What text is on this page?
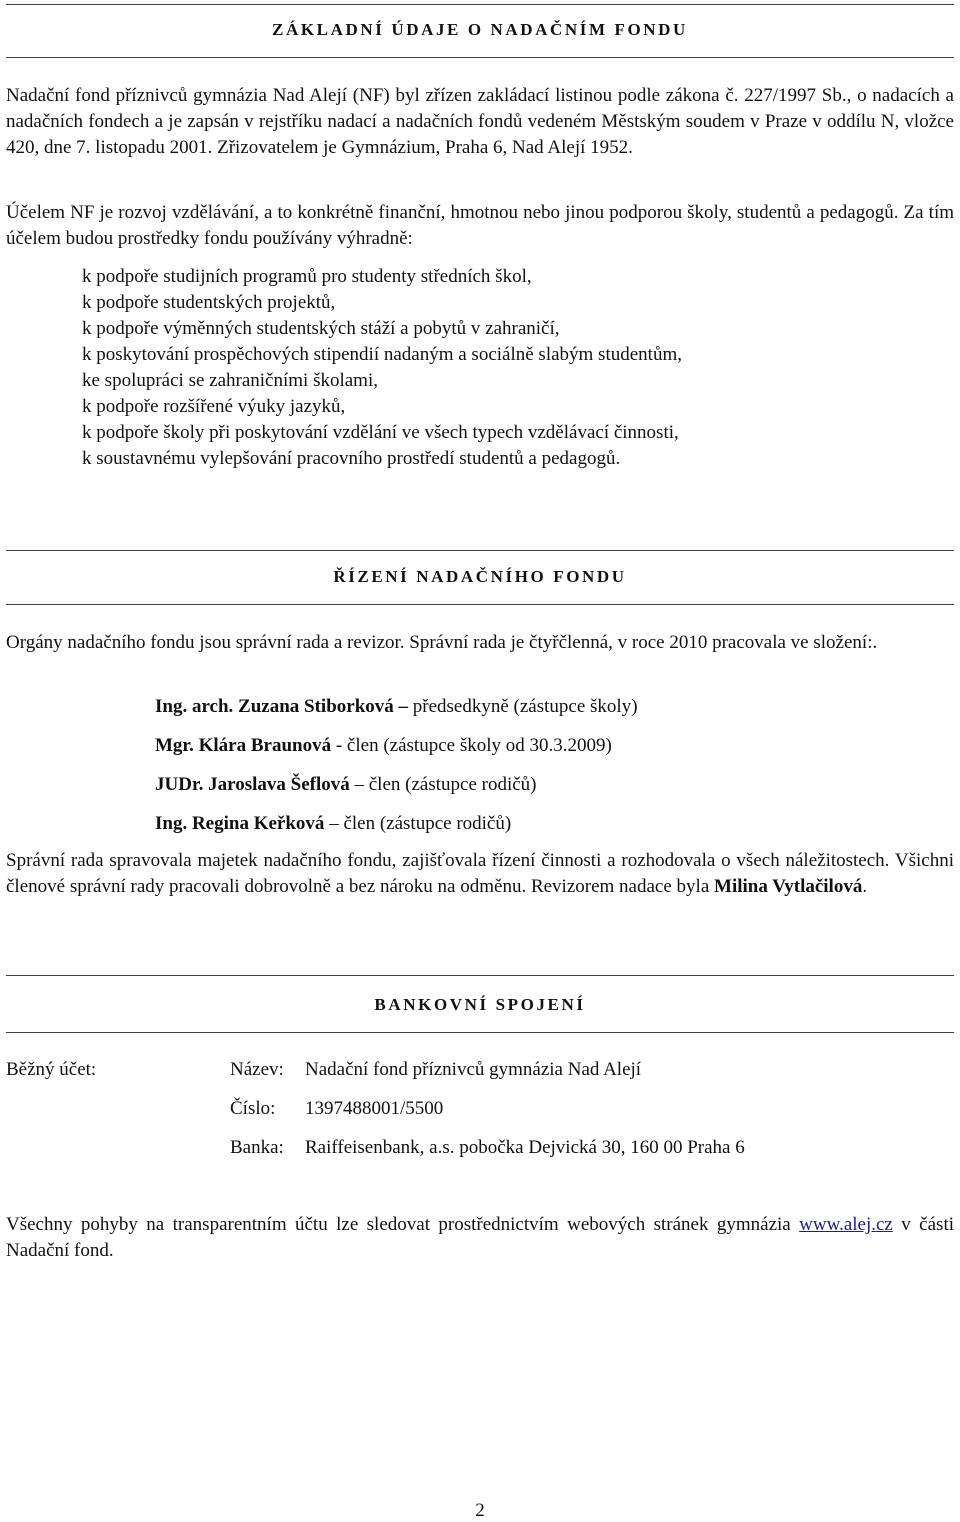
ZÁKLADNÍ ÚDAJE O NADAČNÍM FONDU

Nadační fond příznivců gymnázia Nad Alejí (NF) byl zřízen zakládací listinou podle zákona č. 227/1997 Sb., o nadacích a nadačních fondech a je zapsán v rejstříku nadací a nadačních fondů vedeném Městským soudem v Praze v oddílu N, vložce 420, dne 7. listopadu 2001. Zřizovatelem je Gymnázium, Praha 6, Nad Alejí 1952.

Účelem NF je rozvoj vzdělávání, a to konkrétně finanční, hmotnou nebo jinou podporou školy, studentů a pedagogů. Za tím účelem budou prostředky fondu používány výhradně:

k podpoře studijních programů pro studenty středních škol,
k podpoře studentských projektů,
k podpoře výměnných studentských stáží a pobytů v zahraničí,
k poskytování prospěchových stipendií nadaným a sociálně slabým studentům,
ke spolupráci se zahraničními školami,
k podpoře rozšířené výuky jazyků,
k podpoře školy při poskytování vzdělání ve všech typech vzdělávací činnosti,
k soustavnému vylepšování pracovního prostředí studentů a pedagogů.
ŘÍZENÍ NADAČNÍHO FONDU

Orgány nadačního fondu jsou správní rada a revizor. Správní rada je čtyřčlenná, v roce 2010 pracovala ve složení:.

Ing. arch. Zuzana Stiborková – předsedkyně (zástupce školy)
Mgr. Klára Braunová - člen (zástupce školy od 30.3.2009)
JUDr. Jaroslava Šeflová – člen (zástupce rodičů)
Ing. Regina Keřková – člen (zástupce rodičů)

Správní rada spravovala majetek nadačního fondu, zajišťovala řízení činnosti a rozhodovala o všech náležitostech. Všichni členové správní rady pracovali dobrovolně a bez nároku na odměnu. Revizorem nadace byla Milina Vytlačilová.

BANKOVNÍ SPOJENÍ
Běžný účet:	Název: Nadační fond příznivců gymnázia Nad Alejí
Číslo: 1397488001/5500
Banka: Raiffeisenbank, a.s. pobočka Dejvická 30, 160 00 Praha 6

Všechny pohyby na transparentním účtu lze sledovat prostřednictvím webových stránek gymnázia www.alej.cz v části Nadační fond.

2
